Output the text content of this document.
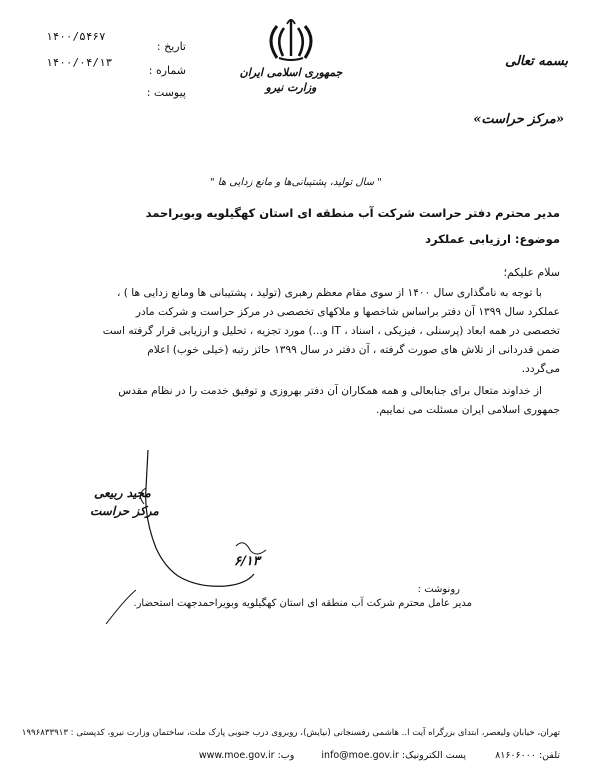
۱۴۰۰/۵۴۶۷
۱۴۰۰/۰۴/۱۳
تاریخ :
شماره :
پیوست :
جمهوری اسلامی ایران
وزارت نیرو
بسمه تعالی
«مرکز حراست»
" سال تولید، پشتیبانی‌ها و مانع زدایی ها "
مدیر محترم دفتر حراست شرکت آب منطقه ای استان کهگیلویه وبویراحمد
موضوع: ارزیابی عملکرد
سلام علیکم؛
با توجه به نامگذاری سال ۱۴۰۰ از سوی مقام معظم رهبری (تولید ، پشتیبانی ها ومانع زدایی ها ) ،
عملکرد سال ۱۳۹۹ آن دفتر براساس شاخصها و ملاکهای تخصصی در مرکز حراست و شرکت مادر
تخصصی در همه ابعاد (پرسنلی ، فیزیکی ، اسناد ، IT و...) مورد تجزیه ، تحلیل و ارزیابی قرار گرفته است
ضمن قدردانی از تلاش های صورت گرفته ، آن دفتر در سال ۱۳۹۹ حائز رتبه (خیلی خوب) اعلام
می‌گردد.
از خداوند متعال برای جنابعالی و همه همکاران آن دفتر بهروزی و توفیق خدمت را در نظام مقدس
جمهوری اسلامی ایران مسئلت می نماییم.
مجید ربیعی
مرکز حراست
۶/۱۳
رونوشت :
مدیر عامل محترم شرکت آب منطقه ای استان کهگیلویه وبویراحمدجهت استحضار.
تهران، خیابان ولیعصر، ابتدای بزرگراه آیت ا.. هاشمی رفسنجانی (نیایش)، روبروی درب جنوبی پارک ملت، ساختمان وزارت نیرو، کدپستی : ۱۹۹۶۸۳۳۹۱۳
تلفن: ۸۱۶۰۶۰۰۰ پست الکترونیک: info@moe.gov.ir وب: www.moe.gov.ir
